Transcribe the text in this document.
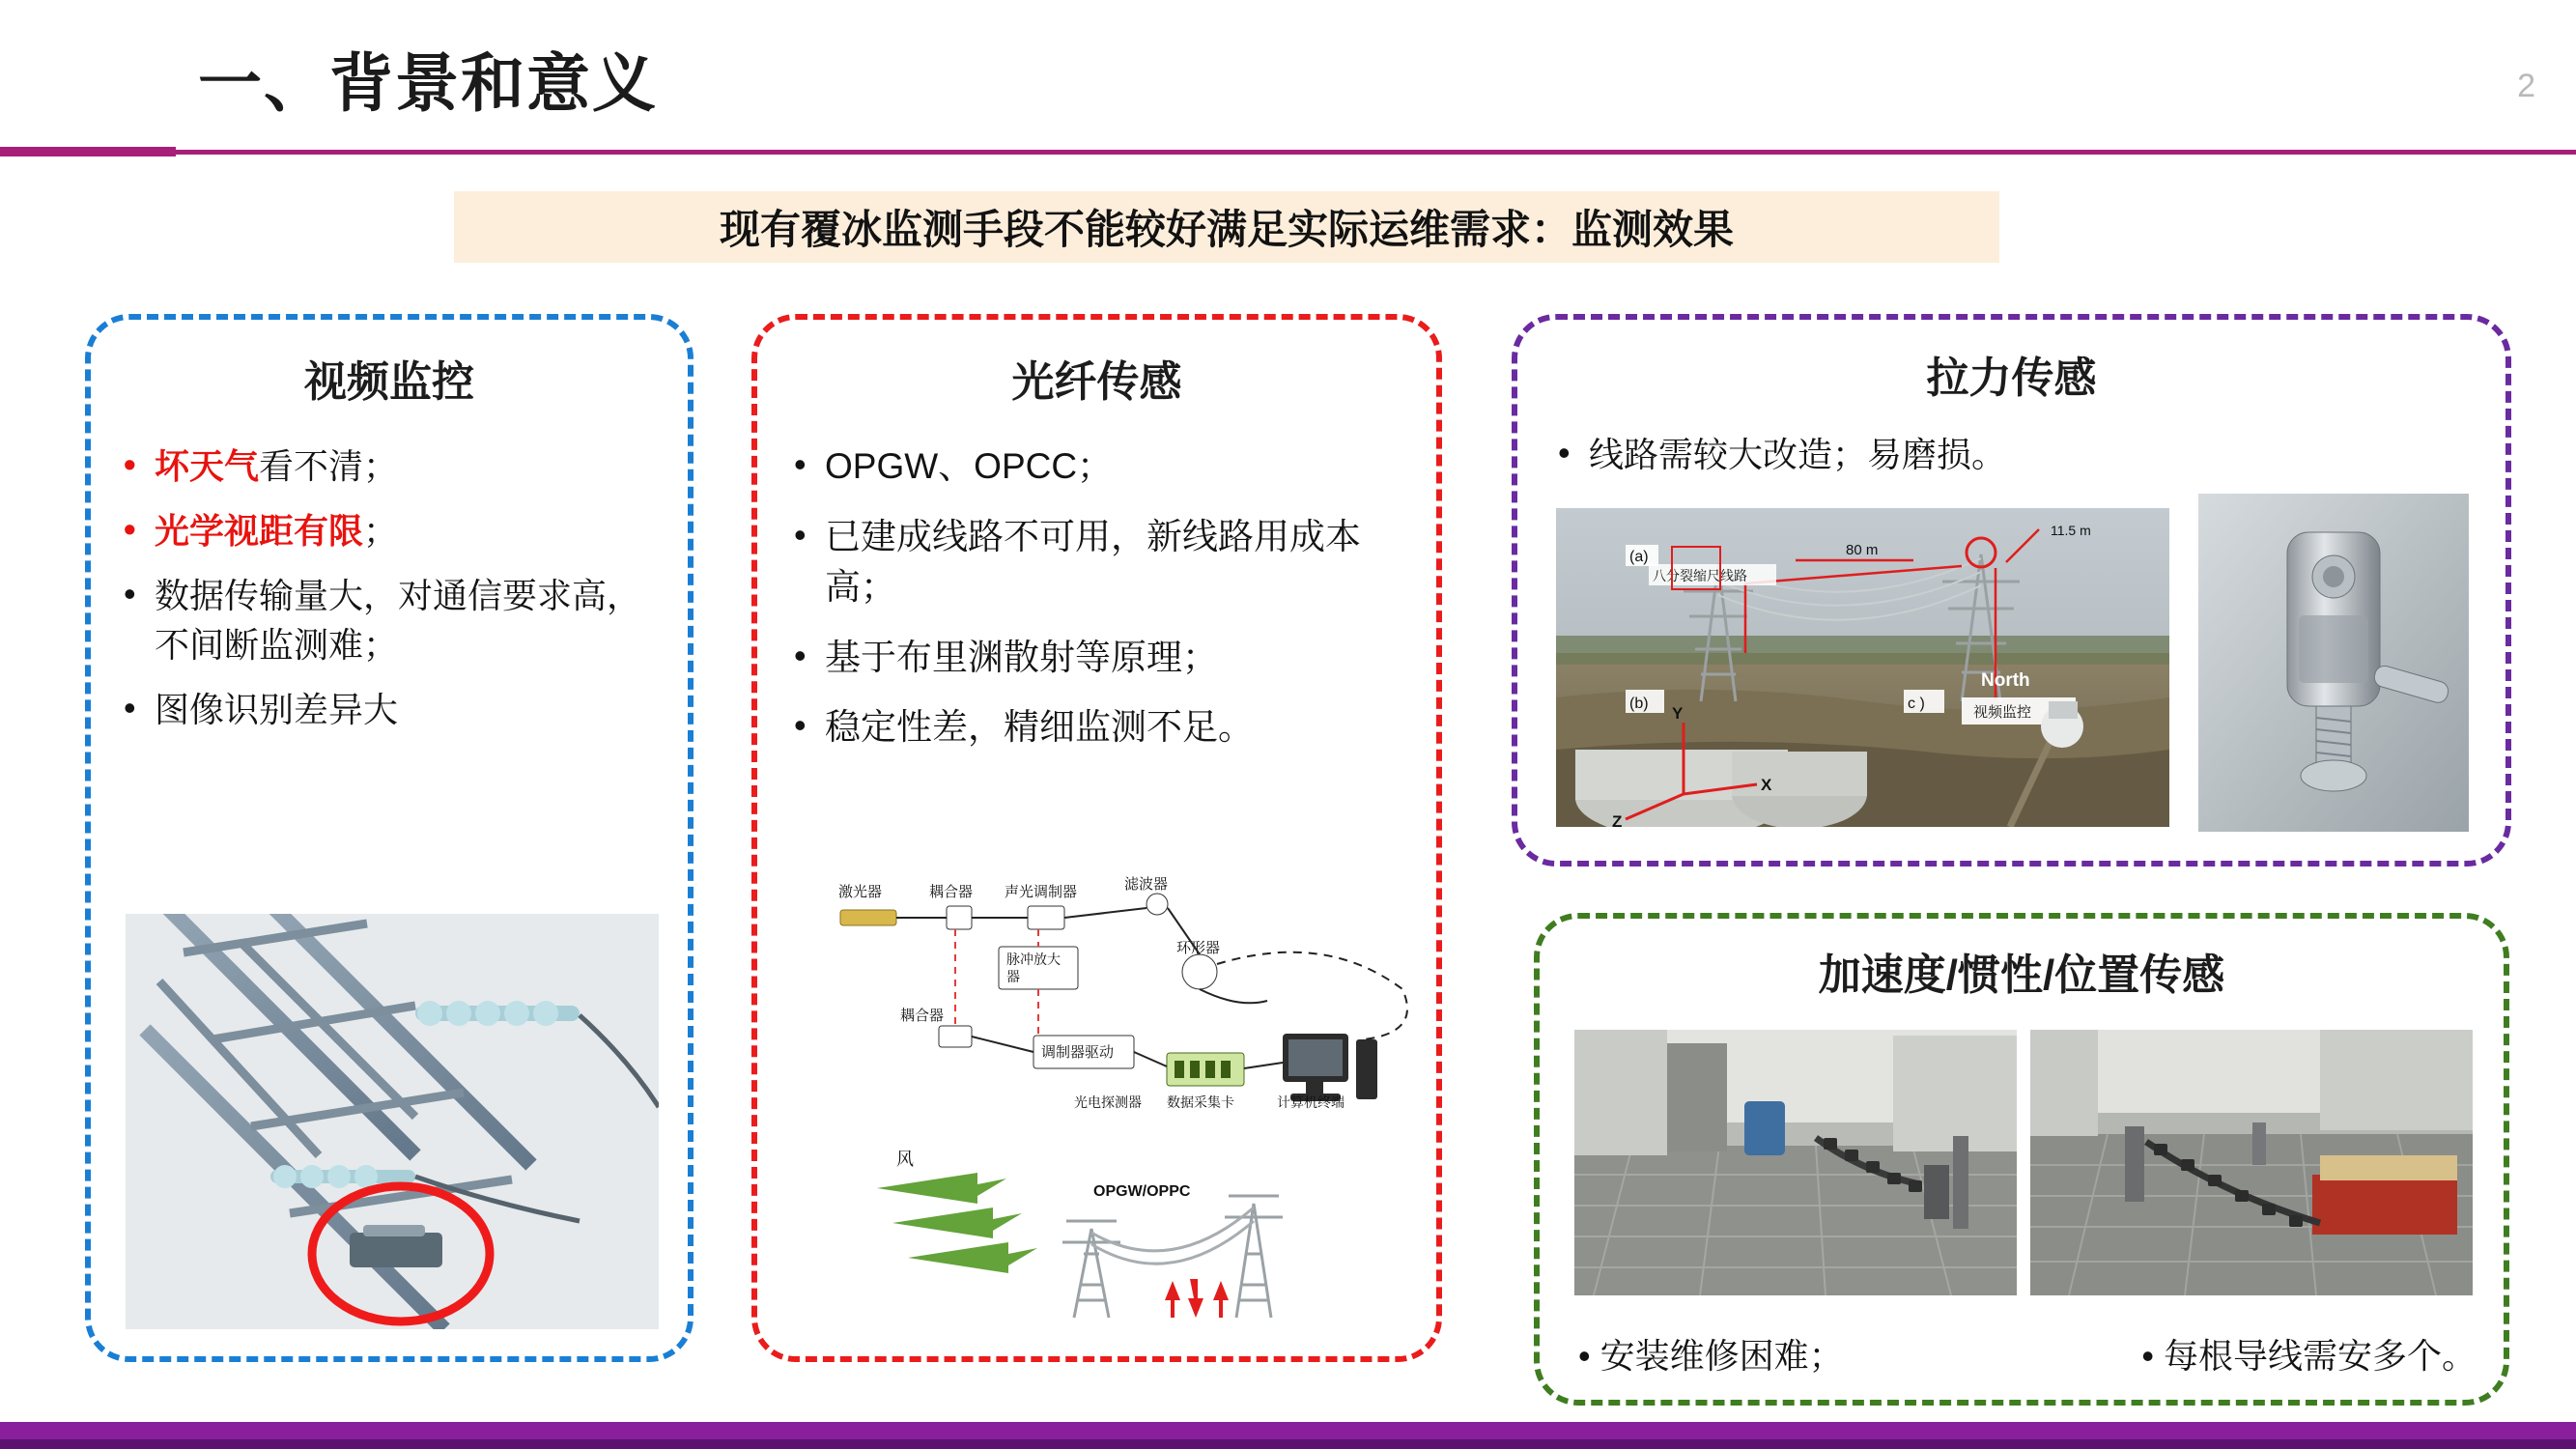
一、背景和意义	2
现有覆冰监测手段不能较好满足实际运维需求：监测效果
视频监控
• 坏天气看不清；
• 光学视距有限；
• 数据传输量大，对通信要求高，不间断监测难；
• 图像识别差异大
光纤传感
• OPGW、OPCC；
• 已建成线路不可用，新线路用成本高；
• 基于布里渊散射等原理；
• 稳定性差，精细监测不足。
激光器	耦合器 声光调制器	滤波器
脉冲放大
器
环形器
耦合器
调制器驱动
光电探测器 数据采集卡	计算机终端
风
OPGW/OPPC
拉力传感
• 线路需较大改造；易磨损。
80 m
11.5 m
(a)
八分裂缩尺线路
North
(b)	c )
视频监控
Y
Z
X
加速度/惯性/位置传感
• 安装维修困难；	• 每根导线需安多个。
